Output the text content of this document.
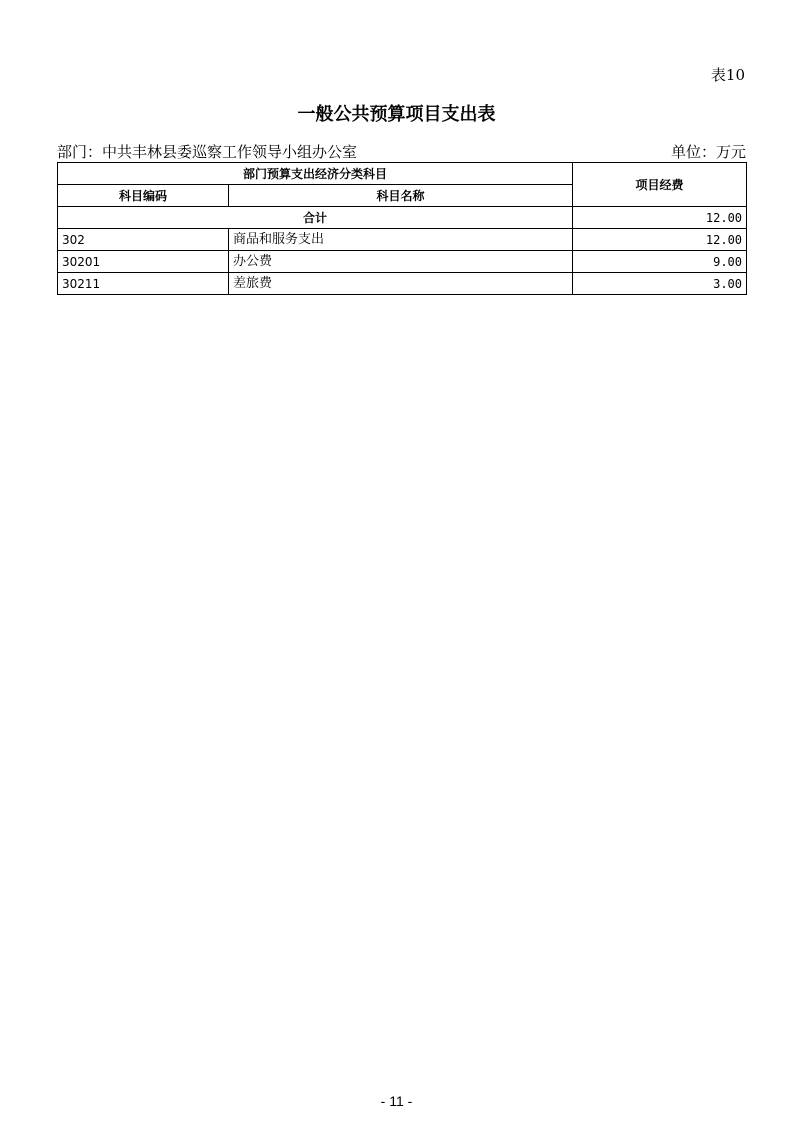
表10
一般公共预算项目支出表
部门：中共丰林县委巡察工作领导小组办公室	单位：万元
部门预算支出经济分类科目		项目经费
科目编码	科目名称	
合计		12.00
302	商品和服务支出	12.00
30201	办公费	9.00
30211	差旅费	3.00
- 11 -
